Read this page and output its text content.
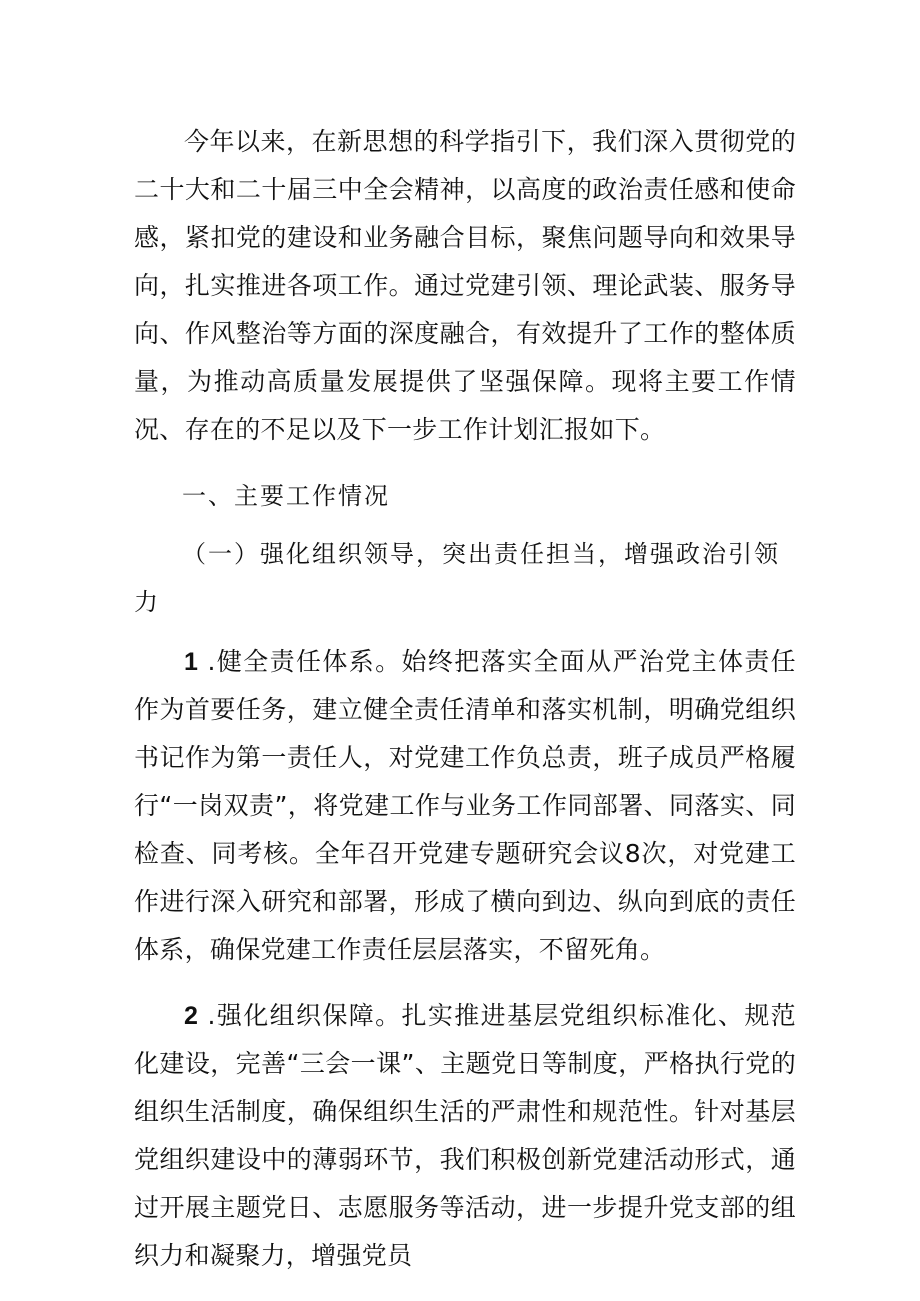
今年以来，在新思想的科学指引下，我们深入贯彻党的二十大和二十届三中全会精神，以高度的政治责任感和使命感，紧扣党的建设和业务融合目标，聚焦问题导向和效果导向，扎实推进各项工作。通过党建引领、理论武装、服务导向、作风整治等方面的深度融合，有效提升了工作的整体质量，为推动高质量发展提供了坚强保障。现将主要工作情况、存在的不足以及下一步工作计划汇报如下。

一、主要工作情况

（一）强化组织领导，突出责任担当，增强政治引领力

1 .健全责任体系。始终把落实全面从严治党主体责任作为首要任务，建立健全责任清单和落实机制，明确党组织书记作为第一责任人，对党建工作负总责，班子成员严格履行“一岗双责”，将党建工作与业务工作同部署、同落实、同检查、同考核。全年召开党建专题研究会议8次，对党建工作进行深入研究和部署，形成了横向到边、纵向到底的责任体系，确保党建工作责任层层落实，不留死角。

2 .强化组织保障。扎实推进基层党组织标准化、规范化建设，完善“三会一课”、主题党日等制度，严格执行党的组织生活制度，确保组织生活的严肃性和规范性。针对基层党组织建设中的薄弱环节，我们积极创新党建活动形式，通过开展主题党日、志愿服务等活动，进一步提升党支部的组织力和凝聚力，增强党员
